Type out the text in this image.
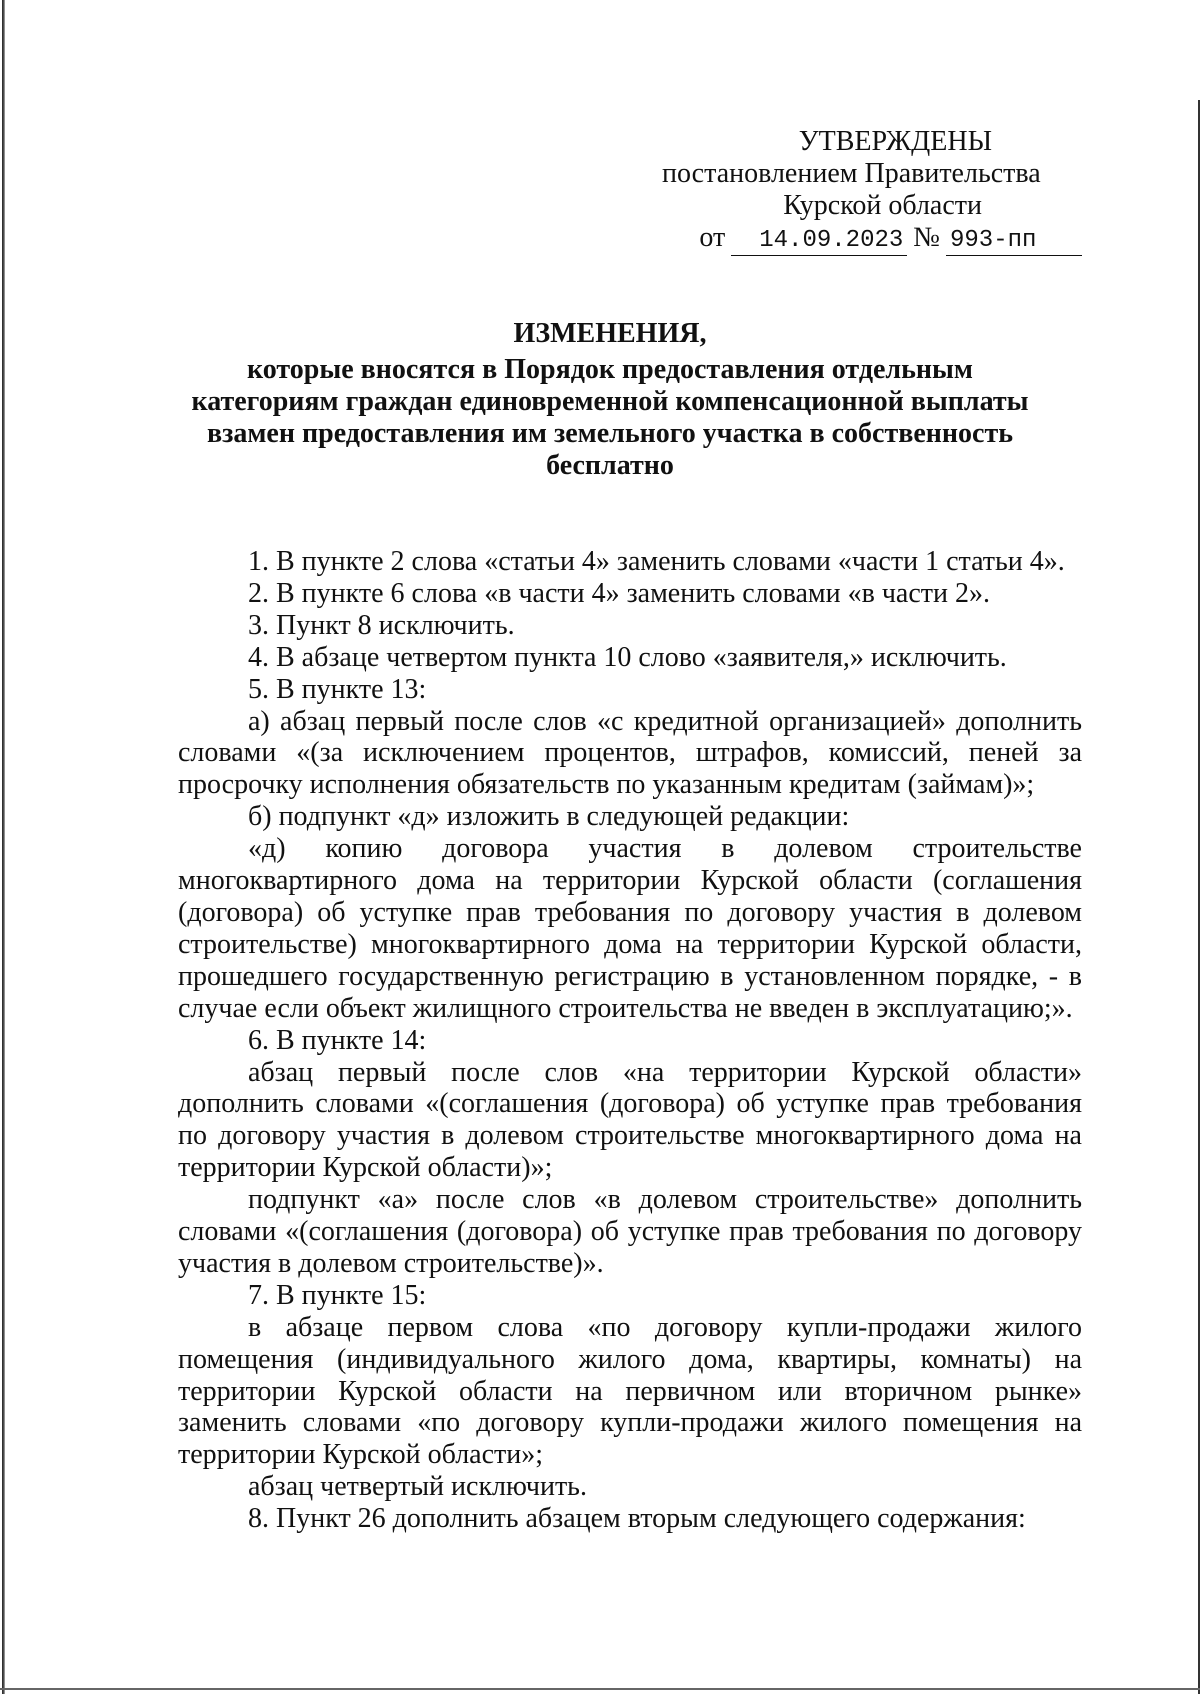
УТВЕРЖДЕНЫ
постановлением Правительства
Курской области
от	14.09.2023 № 993-пп
ИЗМЕНЕНИЯ,
которые вносятся в Порядок предоставления отдельным
категориям граждан единовременной компенсационной выплаты
взамен предоставления им земельного участка в собственность
бесплатно

1. В пункте 2 слова «статьи 4» заменить словами «части 1 статьи 4».

2. В пункте 6 слова «в части 4» заменить словами «в части 2».

3. Пункт 8 исключить.

4. В абзаце четвертом пункта 10 слово «заявителя,» исключить.

5. В пункте 13:

а) абзац первый после слов «с кредитной организацией» дополнить словами «(за исключением процентов, штрафов, комиссий, пеней за просрочку исполнения обязательств по указанным кредитам (займам)»;

б) подпункт «д» изложить в следующей редакции:

«д) копию договора участия в долевом строительстве многоквартирного дома на территории Курской области (соглашения (договора) об уступке прав требования по договору участия в долевом строительстве) многоквартирного дома на территории Курской области, прошедшего государственную регистрацию в установленном порядке, - в случае если объект жилищного строительства не введен в эксплуатацию;».

6. В пункте 14:

абзац первый после слов «на территории Курской области» дополнить словами «(соглашения (договора) об уступке прав требования по договору участия в долевом строительстве многоквартирного дома на территории Курской области)»;

подпункт «а» после слов «в долевом строительстве» дополнить словами «(соглашения (договора) об уступке прав требования по договору участия в долевом строительстве)».

7. В пункте 15:

в абзаце первом слова «по договору купли-продажи жилого помещения (индивидуального жилого дома, квартиры, комнаты) на территории Курской области на первичном или вторичном рынке» заменить словами «по договору купли-продажи жилого помещения на территории Курской области»;

абзац четвертый исключить.

8. Пункт 26 дополнить абзацем вторым следующего содержания:
